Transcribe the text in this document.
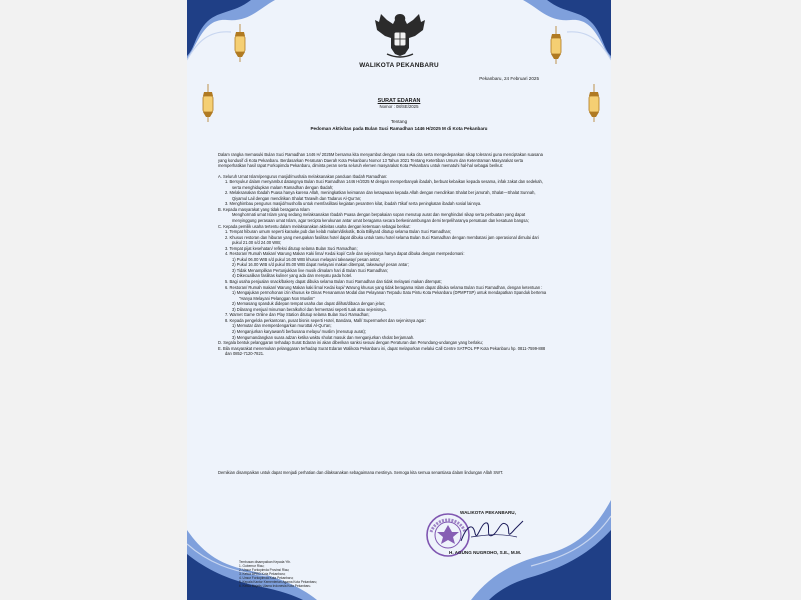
WALIKOTA PEKANBARU
Pekanbaru, 24 Februari 2025
SURAT EDARAN
Nomor : 08/SE/2025
Tentang
Pedoman Aktivitas pada Bulan Suci Ramadhan 1446 H/2025 M di Kota Pekanbaru

Dalam rangka memasuki Bulan Suci Ramadhan 1446 H/ 2025M bersama kita menyambut dengan rasa suka cita serta mengedepankan sikap toleransi guna menciptakan suasana yang kondusif di Kota Pekanbaru. Berdasarkan Peraturan Daerah Kota Pekanbaru Nomor 13 Tahun 2021 Tentang Ketertiban Umum dan Ketentraman Masyarakat serta memperhatikan hasil rapat Forkopimda Pekanbaru, diminta peran serta seluruh elemen masyarakat Kota Pekanbaru untuk mematuhi hal-hal sebagai berikut:

A. Seluruh Umat Islam/pengurus masjid/mushala melaksanakan panduan Ibadah Ramadhan:

1. Bersyukur dalam menyambut datangnya Bulan Suci Ramadhan 1446 H/2025 M dengan memperbanyak ibadah, berbuat kebaikan kepada sesama, infak zakat dan sedekah, serta menghidupkan malam Ramadhan dengan Ibadah;

2. Melaksanakan Ibadah Puasa hanya karena Allah, meningkatkan keimanan dan ketaqwaan kepada Allah dengan mendirikan Shalat ber jama'ah, Shalat—Shalat Sunnah, Qiyamul Lail dengan mendirikan Shalat Tarawih dan Tadarus Al-Qur'an;

3. Menghimbau pengurus masjid/musholla untuk memfasilitasi kegiatan pesantren kilat, ibadah I'tikaf serta peningkatan ibadah sosial lainnya.

B. Kepada masyarakat yang tidak beragama Islam

Menghormati umat Islam yang sedang melaksanakan Ibadah Puasa dengan berpakaian sopan menutup aurat dan menghindari sikap serta perbuatan yang dapat menyinggung perasaan umat Islam, agar tercipta kerukunan antar umat beragama secara berkesinambungan demi terpeliharanya persatuan dan kesatuan bangsa;

C. Kepada pemilik usaha tertentu dalam melaksanakan aktivitas usaha dengan ketentuan sebagai berikut:

1. Tempat hiburan umum seperti karaoke,pub dan kelab malam/diskotik, Bola Billiyard ditutup selama Bulan Suci Ramadhan;

2. Khusus restoran dan hiburan yang merupakan fasilitas hotel dapat dibuka untuk tamu hotel selama Bulan Suci Ramadhan dengan membatasi jam operasional dimulai dari pukul 21.00 s/d 24.00 WIB;

3. Tempat pijat kesehatan/ refleksi ditutup selama Bulan Suci Ramadhan;

4. Restoran/ Rumah Makan/ Warung Makan Kaki lima/ Kedai kopi/ Cafe dan sejenisnya hanya dapat dibuka dengan mempedomani:

1) Pukul 06.00 WIB s/d pukul 16.00 WIB khusus melayani takeaway/ pesan antar;

2) Pukul 16.00 WIB s/d pukul 05.00 WIB dapat melayani makan ditempat, takeaway/ pesan antar;

3) Tidak Menampilkan Pertunjukkan live musik dimalam hari di Bulan Suci Ramadhan;

4) Dikecualikan fasilitas kuliner yang ada dan menyatu pada hotel.

5. Bagi usaha penjualan snack/bakery dapat dibuka selama Bulan Suci Ramadhan dan tidak melayani makan ditempat;

6. Restoran/ Rumah makan/ Warung Makan kaki lima/ Kedai kopi/ Warung khusus yang tidak beragama Islam dapat dibuka selama Bulan Suci Ramadhan, dengan ketentuan :

1) Mengajukan permohonan izin khusus ke Dinas Penanaman Modal dan Pelayanan Terpadu Satu Pintu Kota Pekanbaru (DPMPTSP) untuk mendapatkan Spanduk bertema "Hanya Melayani Pelanggan Non Muslim"

2) Memasang spanduk didepan tempat usaha dan dapat dilihat/dibaca dengan jelas;

3) Dilarang menjual minuman beralkohol dan fermentasi seperti tuak atau sejenisnya.

7. Warnet Game Online dan Play Station ditutup selama Bulan Suci Ramadhan;

8. Kepada pengelola perkantoran, pusat bisnis seperti Hotel, Bandara, Mall/ Supermarket dan sejenisnya agar:

1) Memutar dan memperdengarkan murottal Al-Qur'an;

2) Menganjurkan karyawan/ti berbusana melayu/ muslim (menutup aurat);

3) Mengumandangkan suara adzan ketika waktu sholat masuk dan menganjurkan sholat berjamaah.

D. Segala bentuk pelanggaran terhadap Surat Edaran ini akan diberikan sanksi sesuai dengan Peraturan dan Perundang-undangan yang berlaku;

E. Bila masyarakat menemukan pelanggaran terhadap Surat Edaran Walikota Pekanbaru ini, dapat melaporkan melalui Call Centre SATPOL PP Kota Pekanbaru hp. 0811-7599-888 dan 0852-7120-7821.

Demikian disampaikan untuk dapat menjadi perhatian dan dilaksanakan sebagaimana mestinya. Semoga kita semua senantiasa dalam lindungan Allah SWT.

WALIKOTA PEKANBARU,
H. AGUNG NUGROHO, S.E., M.M.
Tembusan disampaikan Kepada Yth.
1. Gubernur Riau;
2. Unsur Forkopimda Provinsi Riau;
3. Ketua DPRD Kota Pekanbaru;
4. Unsur Forkopimda Kota Pekanbaru;
5. Kepala Kantor Kementerian Agama Kota Pekanbaru;
6. Ketua Majelis Ulama Indonesia Kota Pekanbaru.
